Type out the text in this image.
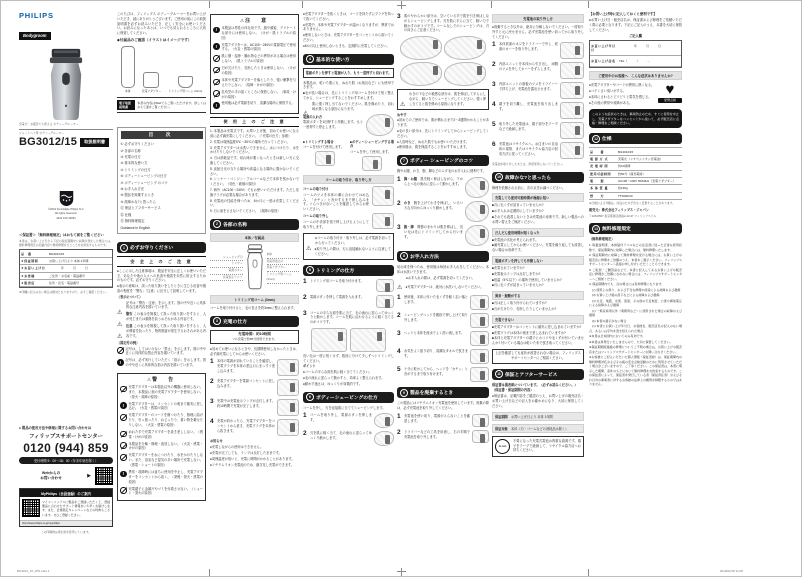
PHILIPS
Bodygroom
充電式・お風呂でも使える ボディーグルーマー
ショートヘア用 ボディーグルーマー
BG3012/15	取扱説明書
©2019 Koninklijke Philips N.V.
All rights reserved.
4222 100 19091
＜保証書＞「無料修理規定」はおもて面をご覧ください
本書は、お買い上げ日から下記の保証期間中に故障が発生した場合には、無料修理規定の記載内容で無料修理を行うことをお約束するものです。
品　番	BG3012/15
★保証期間	お買い上げ日より 本体 1年間
★お買い上げ日	　　　　年　　　月　　　日
★お客様	ご住所・お名前・電話番号
★販売店	住所・店名・電話番号
★印欄に記入のない場合は無効となりますので、必ずご確認ください。
● 製品の使用方法や修理に関するお問い合わせは
フィリップスサポートセンター
0120 (944) 859
受付時間 9：00〜18：00（年末年始を除く）
Webからの
お問い合わせ	▶
MyPhilips（会員登録）のご案内
マイフィリップスに製品をご登録いただくと、登録製品に合わせたサポート情報をいち早くお届けします。また、会員限定キャンペーンなどの特典もございます。ぜひご登録ください。
http://www.philips.co.jp/myphilips
この印刷物は再生紙を使用しています。
このたびは、フィリップス ボディーグルーマーをお買い上げいただき、誠にありがとうございます。ご使用の前にこの取扱説明書を必ずお読みいただき、正しく安全にお使いください。お読みになったあとは、いつでも見られるところに大切に保管してください。
◆付属品のご確認（イラストはイメージです）
本体	充電アダプター	トリミング用コーム (3mm)
電子取扱説明書
本書の内容はWebでもご覧いただけます。詳しくはおもて面をご覧ください。
目　次
① 必ずお守りください
② 各部の名称
③ 充電の仕方
④ 基本的な使い方
⑤ トリミングの仕方
⑥ ボディーシェービングの仕方
⑦ ボディーシェービング のコツ
⑧ お手入れ方法
⑨ 製品を廃棄するとき
⑩ 故障かな?と思ったら
⑪ 保証とアフターサービス
⑫ 仕様
⑬ 無料修理規定
Guidance in English
1	必ずお守りください
安 全 上 の ご 注 意
●ここに示した注意事項は、製品を安全に正しくお使いいただき、あなたや他の人々への危害や損害を未然に防止するためのものです。必ずお守りください。
●表示の意味は、誤った取り扱いをしたときに生じる危害や損害の程度を「警告」「注意」に区分して説明しています。
〈表示について〉
⚠
記号は「警告・注意」を示します。図の中や近くに具体的な注意内容を描いています。
⚠
警告 この表示を無視して誤った取り扱いをすると、人が死亡または重傷を負うおそれがある内容です。
⚠
注意 この表示を無視して誤った取り扱いをすると、人が傷害を負ったり、物的損害が発生するおそれがある内容です。
〈図記号の例〉
記号は、してはいけない「禁止」を示します。図の中や近くに具体的な禁止内容を描いています。
!
記号は、必ず実行していただく「指示」を示します。図の中や近くに具体的な指示内容を描いています。
⚠ 警　告
充電アダプターは本製品以外の機器に使用しない。また、本製品に他の充電アダプターを使用しない。（発火・故障の原因）
!
充電アダプターは、コンセントの奥まで確実に差し込む。（火災・感電の原因）
充電アダプターのコードを傷つけたり、無理に曲げたり、引っ張ったり、ねじったり、重い物を載せたりしない。（火災・感電の原因）
ぬれた手で充電アダプターを抜き差ししない。（感電・けがの原因）
本製品を分解・修理・改造しない。（火災・感電・けがの原因）
充電アダプターを水につけたり、水をかけたりしない。また、浴室など湿気の多い場所で充電しない。（感電・ショートの原因）
!
異常・故障時には直ちに使用を中止し、充電アダプターをコンセントから抜く。（発煙・発火・感電の原因）
充電端子に金属片やゴミを付着させない。（ショート・発火の原因）
⚠ 注　意
!
本製品は男性の体毛用です。顔や頭髪、デリケートな部分には使用しない。（けが・肌トラブルの原因）
!
充電アダプターは、AC100〜240Vの電源電圧で使用する。（火災・感電の原因）
肌に傷・湿疹・腫れ物などの異常がある場合は使用しない。（肌トラブルの原因）
刃が欠けたり、変形したときは使用しない。（けがの原因）
本体や充電アダプターを落としたり、強い衝撃を与えたりしない。（故障・けがの原因）
乳幼児の手の届くところに保管しない。（事故・けがの原因）
!
使用後は必ず電源を切り、清潔な場所に保管する。
使 用 上 の ご 注 意
1. 本製品は充電式です。お買い上げ後、初めてお使いになる前に必ず満充電にしてください。（「充電の仕方」参照）
2. 充電は周囲温度5℃〜35℃の場所で行ってください。
3. 充電アダプターは水洗いできません。水につけたり、水をかけたりしないでください。
4. 刃は消耗品です。切れ味が悪くなったときは新しい刃に交換してください。
5. 直射日光の当たる場所や高温になる場所に置かないでください。
6. シンナー・ベンジン・アルコールなどで本体を拭かないでください。（変色・破損の原因）
7. 海外（AC100〜240V）でもお使いいただけます。ただし変換プラグが必要な場合があります。
8. 充電池の性能を保つため、6か月に一度は充電してください。
9. 刃に油をささないでください。（故障の原因）
2	各部の名称
本体／付属品
シェービング刃
トリマー
電源ボタン
充電表示ランプ
本体
充電用差込口
充電アダプター
トリミング用コーム (3mm)
トリミング用コーム (3mm)
コームを取り付けると、毛の長さを約3mmに整えられます。
3	充電の仕方
充電時間：約10時間
フル充電で約50分使用できます。
●初めてお使いになるときや、長期間使用しなかったときは、必ず満充電にしてからお使いください。
1	本体の電源が切れていることを確認し、充電プラグを本体の差込口にまっすぐ差し込みます。
2	充電アダプターを電源コンセントに差し込みます。
3	充電中は充電表示ランプが点灯します。約10時間で充電が完了します。
4	充電が終わったら、充電アダプターをコンセントから抜き、充電プラグを本体から抜きます。
お知らせ
●充電しながらの使用はできません。
●充電が完了しても、ランプは点灯したままです。
●周囲温度が低いと、充電に時間がかかることがあります。
●リチウムイオン充電池のため、継ぎ足し充電ができます。
●充電アダプターを抜くときは、コードを持たずにプラグを持って抜いてください。
●充電中、本体や充電アダプターが温かくなりますが、異常ではありません。
●使用しないときは、充電アダプターをコンセントから抜いてください。
●6か月以上使用しないときも、定期的に充電してください。
4	基本的な使い方
電源ボタンを押すと電源が入り、もう一度押すと切れます。
本製品は、乾いた肌にも、ぬれた肌（お風呂など）にも使用できます。
■毛が長い場合は、先にトリミング用コームを付けて短く整えてから、シェービングすることをおすすめします。
⚠
肌に強く押し当てないでください。肌を傷めたり、切れ味が悪くなる原因になります。
電源の入れ方
電源ボタンを1回押すと作動します。もう一度押すと停止します。
■トリミングする場合
コームを付けて使用します。
■ボディーシェービングする場合
コームを外して使用します。
コームの取り付け、取り外し方
コームの取り付け
コームのツメを本体の溝に合わせてはめ込み、「カチッ」と音がするまで押し込みます。ぐらつきがないことを確認してからお使いください。
コームの取り外し
コームの中央部を指で押し上げるようにして取り外します。
⚠
●コームの取り付け・取り外しは、必ず電源を切ってから行ってください。
●取り外しの際は、刃に直接触れないように注意してください。
5	トリミングの仕方
1	トリミング用コームを取り付けます。
2	電源ボタンを押して電源を入れます。
3	コームの平らな面を肌に当て、毛の流れに逆らってゆっくりと動かします。コームを肌に沿わせるように軽く当てるのがコツです。
長い毛は一度に短くせず、数回に分けて少しずつトリミングしてください。
ポイント
●コームの平らな面を肌に軽く当ててください。
●毛の流れに逆らって動かすと、効率よく整えられます。
●動かす速さは、ゆっくりが効果的です。
6	ボディーシェービングの仕方
コームを外し、刃を直接肌に当ててシェービングします。
1	コームを取り外し、電源ボタンを押します。
2	刃を肌に軽く当て、毛の流れに逆らってゆっくり動かします。
3	肌のやわらかい部分は、空いている手で肌を引き伸ばしながらシェービングします。刃を肌に平らに当て、軽い力で動かすのがコツです。コームなしでのシェービングは、刃の向きにご注意ください。
⚠
わきの下などの敏感な部分は、肌を伸ばして平らにしながら、軽い力でシェービングしてください。強く押し当てると肌を傷める原因になります。
めやす
●初めてのご使用では、肌が慣れるまで2〜3週間かかることがあります。
●毛の長い部分は、先にトリミングしてからシェービングしてください。
●入浴時など、ぬれた肌でもお使いいただけます。
●使用後は、肌を保湿することをおすすめします。
7	ボディー シェービングのコツ
胸やお腹、わき、腕、脚などのムダ毛のお手入れに便利です。
1	胸・お腹　 肌を軽く伸ばしながら、下から上へ毛の流れに逆らって動かします。
2	わき　 腕を上げてわきを伸ばし、いろいろな方向からゆっくり動かします。
3	腕・脚　 関節のまわりは肌を伸ばし、長い毛は先にトリミングしてから行います。
8	お手入れ方法
切れ味を保つため、使用後は毎回お手入れをしてください。本体は水洗いできます。
⚠
●お手入れの際は、必ず電源を切ってください。
●充電アダプターは、絶対に水洗いしないでください。
1	使用後、本体に付いた毛くずを軽く払い落とします。
2	シェービングヘッドを親指で押し上げて取り外します。
3	ヘッドと本体を流水でよく洗い流します。
4	水気をよく振り切り、清潔なタオルで拭きます。
5	十分に乾かしてから、ヘッドを「カチッ」と音がするまで取り付けます。
9	製品を廃棄するとき
この製品にはリチウムイオン充電池を使用しています。廃棄の際は、必ず充電池を取り外してください。
1	充電池を使い切り、電源が入らないことを確認します。
2	ドライバーなどの工具を用意し、右の手順で充電池を取り外します。
充電池の取り外し方
●廃棄するとき以外は、絶対に分解しないでください。一度取り外すと元に戻せません。必ず充電池を使い切ってから取り外してください。
1	本体底面のネジをドライバーで外し、底面のカバーを取り外します。
2	内部ユニットを本体から引き出し、両側のツメを外してカバーをずらします。
3	内部ユニットの基板のツメをドライバーで持ち上げ、充電池を露出させます。
4	端子を切り離し、充電池を取り出します。
5	取り外した充電池は、端子部分をテープなどで絶縁します。
6	充電池はリサイクルへ。お住まいの自治体の規則、またはリサイクル協力店の回収方法に従ってください。
充電池を取り外したあとは、再度使用しないでください。
10 故障かな?と思ったら
修理を依頼される前に、次の点をお調べください。
充電しても使用可能時間が極端に短い
■刃に毛くずが詰まっていませんか?
■お手入れは定期的にしていますか?
■それでも改善しないときは充電池の寿命です。新しい製品へのお買い替えをご検討ください。
だんだん使用時間が短くなった
■充電池の劣化が考えられます。
■満充電にしてからお使いください。充電を繰り返しても改善しない場合は寿命です。
電源ボタンを押しても作動しない
■充電されていますか?
■充電表示ランプは点灯しますか?
■低温（5℃以下）の場所で使用していませんか?
■刃に毛くずが詰まっていませんか?
異音・振動がする
■刃は正しく取り付けられていますか?
■刃が欠けたり、変形したりしていませんか?
充電できない
■充電アダプターはコンセントに確実に差し込まれていますか?
■充電プラグは本体の奥まで差し込まれていますか?
■本体と充電アダプターの端子にホコリや毛くずが付いていませんか? 付いている場合は乾いた布で拭き取ってください。
上記を確認しても症状が改善されない場合は、フィリップスサポートセンターにご相談ください。
11 保証とアフターサービス
保証書は裏表紙についています。（必ずお読みください。）
（保証書・保証期間の内容）
●保証書は、記載内容をご確認のうえ、お買い上げの販売店名・お買い上げ日などの記入をお確かめになり、大切に保管してください。
保証期間　 お買い上げ日より 本体 1年間
保証対象　 本体（刃・コームなどの消耗品は除く）
Li-ion
不要になった充電式電池は貴重な資源です。端子をテープで絶縁して、リサイクル協力店へお持ちください。
【お買い上げ時に記入しておくと便利です】
●お買い上げ日・販売店名は、保証書および修理をご依頼いただく際に必要となります。下記にご記入のうえ、本書を大切に保管してください。
ご記入欄
お買い上げ年月日
　　　　　年　　　月　　　日
お買い上げ店名	TEL（　　　）　　　－
ご愛用中のお客様へ　こんな症状はありませんか?
●充電アダプターやコードが異常に熱くなる。
●コゲくさい臭いがする。
●本体にさわるとピリピリと電気を感じる。
●その他の異常や故障がある。
♥
愛情点検
このような症状のときは、事故防止のため、すぐに使用を中止し、充電アダプターをコンセントから抜いて、必ず販売店に点検・修理をご相談ください。
12 仕様
品　　番	BG3012/15
電 源 方 式	充電式（リチウムイオン充電池）
充 電 時 間	約10時間
使用可能時間	約50分（満充電時）
電　　源	AC100〜240V 50/60Hz（充電アダプター）
本 体 質 量	約136g
替　　刃	TT2000/43
※仕様および外観は、改良のため予告なく変更することがあります。
販売元：株式会社フィリップス・ジャパン
〒108-8507 東京都港区港南2-13-37 フィリップスビル
13 無料修理規定
（無料修理規定）
1. 取扱説明書、本体貼付ラベルなどの注意書に従った正常な使用状態で、保証期間内に故障した場合には、無料修理いたします。
2. 保証期間内に故障して無料修理を受ける場合には、お買い上げの販売店に修理をご依頼のうえ、本書をご提示ください。フィリップスサポートセンターへ直接お申し付けいただくこともできます。
3. ご転居・ご贈答品などで、本書に記入してあるお買い上げの販売店に修理がご依頼になれない場合には、フィリップスサポートセンターへご相談ください。
4. 保証期間内でも、次の場合には有料修理になります。
　(ｲ) 使用上の誤り、および不当な修理や改造による故障および損傷
　(ﾛ) お買い上げ後の落下などによる故障および損傷
　(ﾊ) 火災、地震、水害、落雷、その他の天災地変、公害や異常電圧による故障および損傷
　(ﾆ) 一般家庭用以外（業務用など）に使用された場合の故障および損傷
　(ﾎ) 本書の提示がない場合
　(ﾍ) 本書にお買い上げ年月日、お客様名、販売店名の記入のない場合、あるいは字句を書き替えられた場合
※本書は日本国内においてのみ有効です。
※本書は再発行いたしませんので、大切に保管してください。
※保証期間経過後の修理についてご不明の場合は、お買い上げの販売店またはフィリップスサポートセンターにお問い合わせください。
※お客様にご記入いただいた個人情報（保証書控）は、保証期間内の無料修理対応およびその後の安全点検活動のために利用させていただく場合がございますので、ご了承ください。この保証書は、本書に明示した期間、条件のもとにおいて無料修理をお約束するものです。この保証書によって、保証書を発行している者（保証責任者）およびそれ以外の事業者に対するお客様の法律上の権利を制限するものではありません。
BG3012_15_JPN.indd 1	2019/02/18 11:06
